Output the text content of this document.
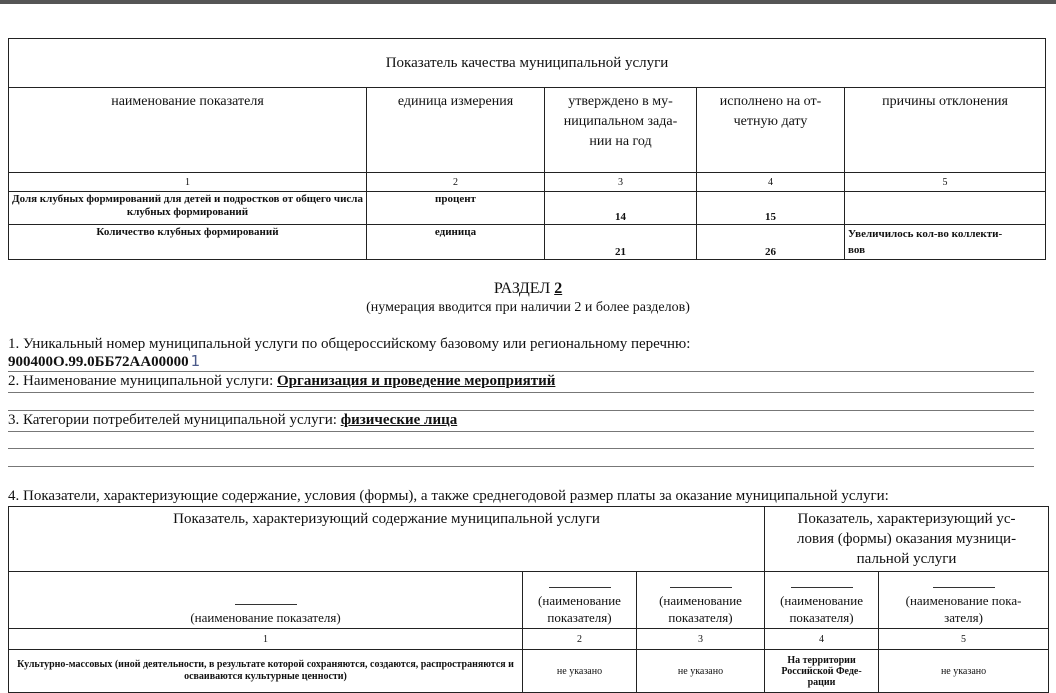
Показатель качества муниципальной услуги				
наименование показателя	единица измерения	утверждено в му-
ниципальном зада-
нии на год	исполнено на от-
четную дату	причины отклонения
1	2	3	4	5
Доля клубных формирований для детей и подростков от общего числа клубных формирований	процент	14	15	
Количество клубных формирований	единица	21	26	Увеличилось кол-во коллекти-
вов
РАЗДЕЛ 2
(нумерация вводится при наличии 2 и более разделов)
1. Уникальный номер муниципальной услуги по общероссийскому базовому или региональному перечню:
900400О.99.0ББ72АА00000 1
2. Наименование муниципальной услуги: Организация и проведение мероприятий
3. Категории потребителей муниципальной услуги: физические лица
4. Показатели, характеризующие содержание, условия (формы), а также среднегодовой размер платы за оказание муниципальной услуги:
Показатель, характеризующий содержание муниципальной услуги			Показатель, характеризующий ус-
ловия (формы) оказания музници-
пальной услуги	

(наименование показателя)	(наименование
показателя)	(наименование
показателя)	(наименование
показателя)	(наименование пока-
зателя)
1	2	3	4	5
Культурно-массовых (иной деятельности, в результате которой сохраняются, создаются, распространяются и осваиваются культурные ценности)	не указано	не указано	На территории
Российской Феде-
рации	не указано
